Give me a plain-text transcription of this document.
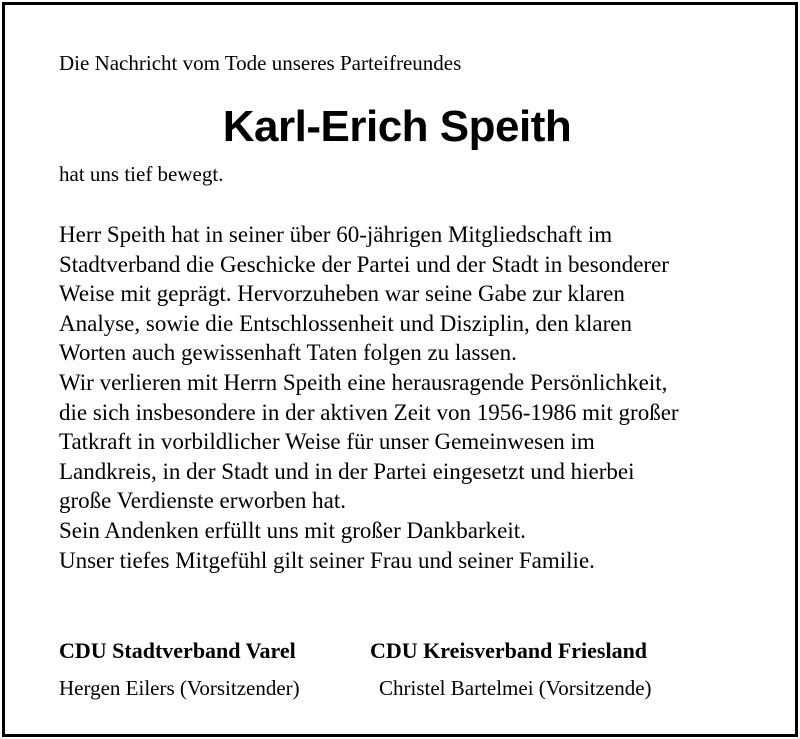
Die Nachricht vom Tode unseres Parteifreundes
Karl-Erich Speith
hat uns tief bewegt.
Herr Speith hat in seiner über 60-jährigen Mitgliedschaft im
Stadtverband die Geschicke der Partei und der Stadt in besonderer
Weise mit geprägt. Hervorzuheben war seine Gabe zur klaren
Analyse, sowie die Entschlossenheit und Disziplin, den klaren
Worten auch gewissenhaft Taten folgen zu lassen.
Wir verlieren mit Herrn Speith eine herausragende Persönlichkeit,
die sich insbesondere in der aktiven Zeit von 1956-1986 mit großer
Tatkraft in vorbildlicher Weise für unser Gemeinwesen im
Landkreis, in der Stadt und in der Partei eingesetzt und hierbei
große Verdienste erworben hat.
Sein Andenken erfüllt uns mit großer Dankbarkeit.
Unser tiefes Mitgefühl gilt seiner Frau und seiner Familie.
CDU Stadtverband Varel
Hergen Eilers (Vorsitzender)
CDU Kreisverband Friesland
Christel Bartelmei (Vorsitzende)
